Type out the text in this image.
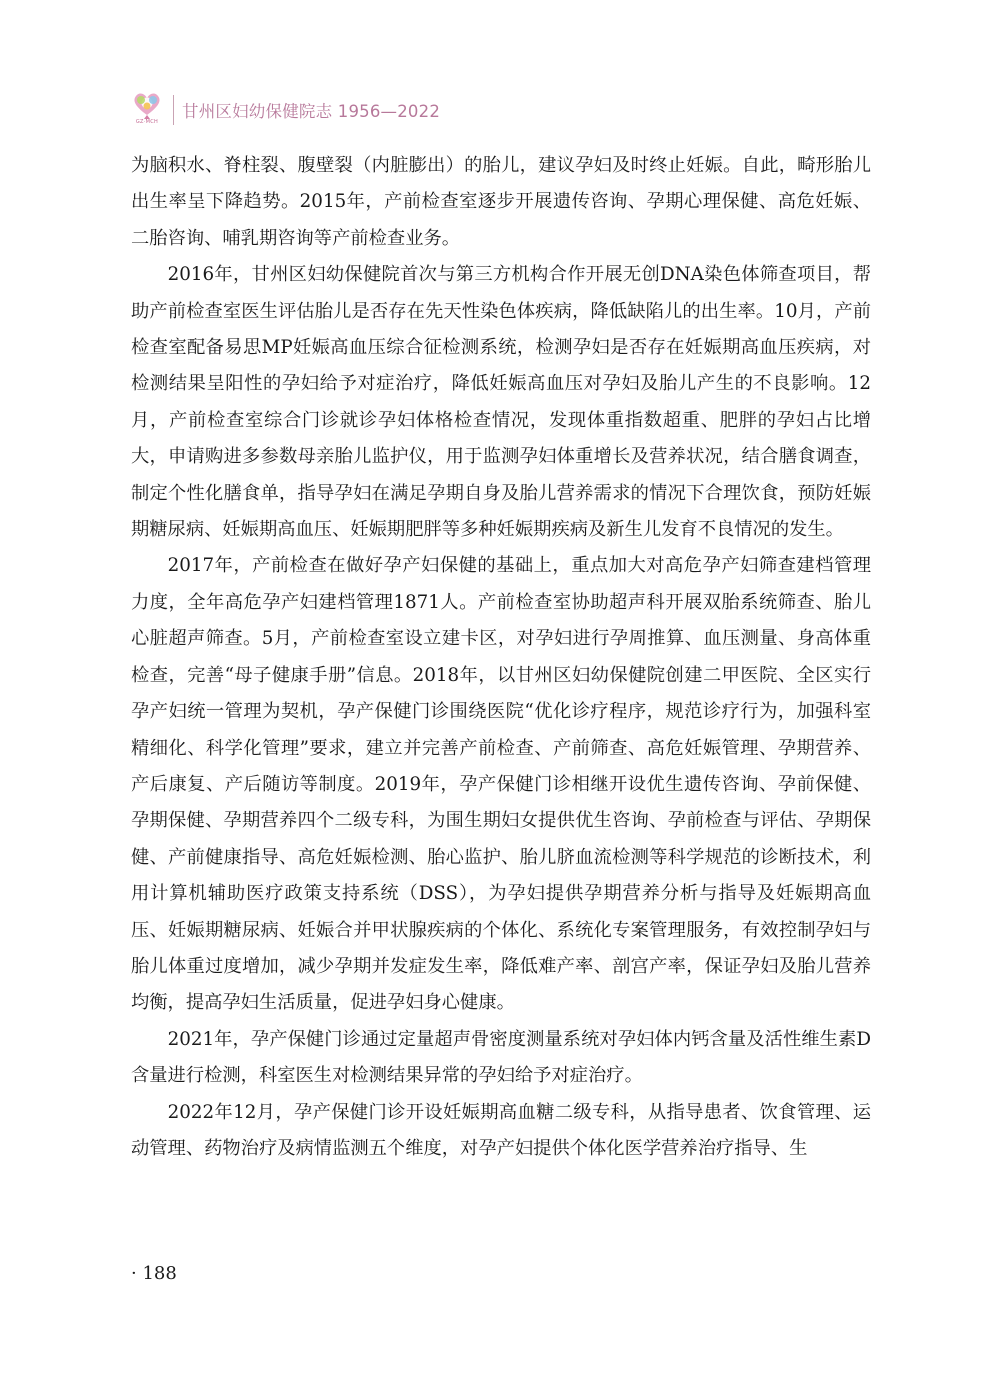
GZ·MCH
甘州区妇幼保健院志 1956—2022

为脑积水、脊柱裂、腹壁裂（内脏膨出）的胎儿，建议孕妇及时终止妊娠。自此，畸形胎儿出生率呈下降趋势。2015年，产前检查室逐步开展遗传咨询、孕期心理保健、高危妊娠、二胎咨询、哺乳期咨询等产前检查业务。

2016年，甘州区妇幼保健院首次与第三方机构合作开展无创DNA染色体筛查项目，帮助产前检查室医生评估胎儿是否存在先天性染色体疾病，降低缺陷儿的出生率。10月，产前检查室配备易思MP妊娠高血压综合征检测系统，检测孕妇是否存在妊娠期高血压疾病，对检测结果呈阳性的孕妇给予对症治疗，降低妊娠高血压对孕妇及胎儿产生的不良影响。12月，产前检查室综合门诊就诊孕妇体格检查情况，发现体重指数超重、肥胖的孕妇占比增大，申请购进多参数母亲胎儿监护仪，用于监测孕妇体重增长及营养状况，结合膳食调查，制定个性化膳食单，指导孕妇在满足孕期自身及胎儿营养需求的情况下合理饮食，预防妊娠期糖尿病、妊娠期高血压、妊娠期肥胖等多种妊娠期疾病及新生儿发育不良情况的发生。

2017年，产前检查在做好孕产妇保健的基础上，重点加大对高危孕产妇筛查建档管理力度，全年高危孕产妇建档管理1871人。产前检查室协助超声科开展双胎系统筛查、胎儿心脏超声筛查。5月，产前检查室设立建卡区，对孕妇进行孕周推算、血压测量、身高体重检查，完善“母子健康手册”信息。2018年，以甘州区妇幼保健院创建二甲医院、全区实行孕产妇统一管理为契机，孕产保健门诊围绕医院“优化诊疗程序，规范诊疗行为，加强科室精细化、科学化管理”要求，建立并完善产前检查、产前筛查、高危妊娠管理、孕期营养、产后康复、产后随访等制度。2019年，孕产保健门诊相继开设优生遗传咨询、孕前保健、孕期保健、孕期营养四个二级专科，为围生期妇女提供优生咨询、孕前检查与评估、孕期保健、产前健康指导、高危妊娠检测、胎心监护、胎儿脐血流检测等科学规范的诊断技术，利用计算机辅助医疗政策支持系统（DSS），为孕妇提供孕期营养分析与指导及妊娠期高血压、妊娠期糖尿病、妊娠合并甲状腺疾病的个体化、系统化专案管理服务，有效控制孕妇与胎儿体重过度增加，减少孕期并发症发生率，降低难产率、剖宫产率，保证孕妇及胎儿营养均衡，提高孕妇生活质量，促进孕妇身心健康。

2021年，孕产保健门诊通过定量超声骨密度测量系统对孕妇体内钙含量及活性维生素D含量进行检测，科室医生对检测结果异常的孕妇给予对症治疗。

2022年12月，孕产保健门诊开设妊娠期高血糖二级专科，从指导患者、饮食管理、运动管理、药物治疗及病情监测五个维度，对孕产妇提供个体化医学营养治疗指导、生

· 188
